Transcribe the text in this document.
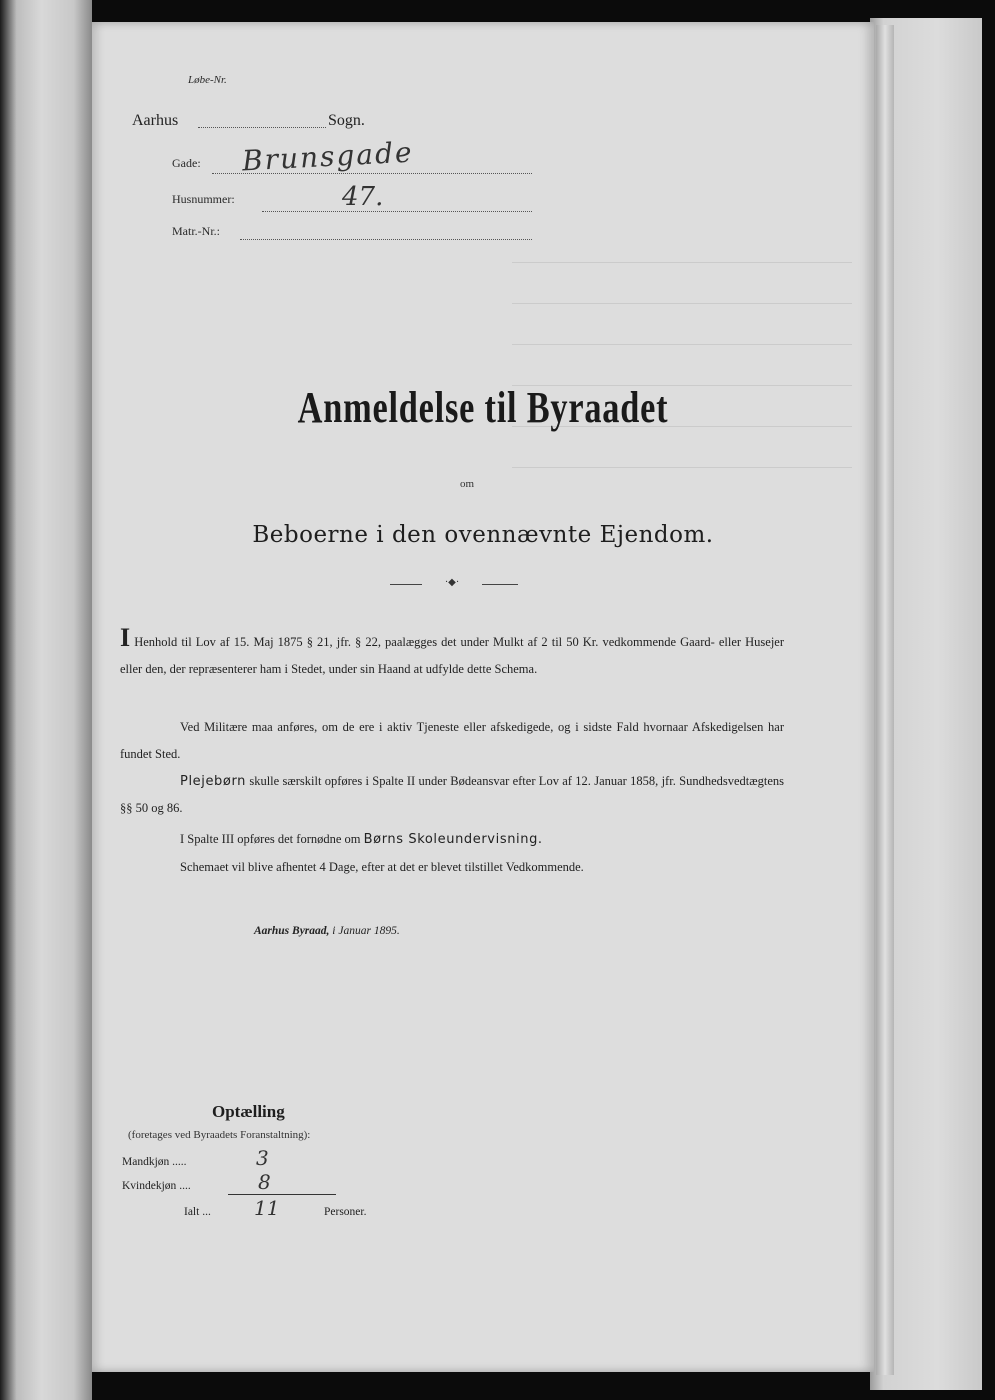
Løbe-Nr.
Aarhus	Sogn.
Gade: Brunsgade
Husnummer:	47.
Matr.-Nr.:
Anmeldelse til Byraadet
om
Beboerne i den ovennævnte Ejendom.
·◆·
I Henhold til Lov af 15. Maj 1875 § 21, jfr. § 22, paalægges det under Mulkt af 2 til 50 Kr. vedkommende Gaard- eller Husejer eller den, der repræsenterer ham i Stedet, under sin Haand at udfylde dette Schema.
Ved Militære maa anføres, om de ere i aktiv Tjeneste eller afskedigede, og i sidste Fald hvornaar Afskedigelsen har fundet Sted.
Plejebørn skulle særskilt opføres i Spalte II under Bødeansvar efter Lov af 12. Januar 1858, jfr. Sundhedsvedtægtens §§ 50 og 86.
I Spalte III opføres det fornødne om Børns Skoleundervisning.
Schemaet vil blive afhentet 4 Dage, efter at det er blevet tilstillet Vedkommende.
Aarhus Byraad, i Januar 1895.
Optælling
(foretages ved Byraadets Foranstaltning):
Mandkjøn .....	3
Kvindekjøn ....	8
Ialt ... 11	Personer.
